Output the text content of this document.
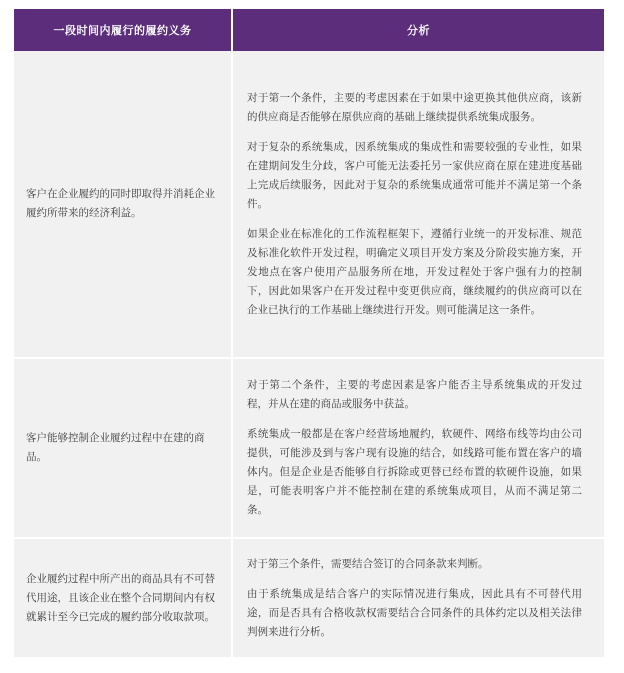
一段时间内履行的履约义务	分析
客户在企业履约的同时即取得并消耗企业履约所带来的经济利益。	对于第一个条件，主要的考虑因素在于如果中途更换其他供应商，该新的供应商是否能够在原供应商的基础上继续提供系统集成服务。

对于复杂的系统集成，因系统集成的集成性和需要较强的专业性，如果在建期间发生分歧，客户可能无法委托另一家供应商在原在建进度基础上完成后续服务，因此对于复杂的系统集成通常可能并不满足第一个条件。

如果企业在标准化的工作流程框架下，遵循行业统一的开发标准、规范及标准化软件开发过程，明确定义项目开发方案及分阶段实施方案，开发地点在客户使用产品服务所在地，开发过程处于客户强有力的控制下，因此如果客户在开发过程中变更供应商，继续履约的供应商可以在企业已执行的工作基础上继续进行开发。则可能满足这一条件。

客户能够控制企业履约过程中在建的商品。	对于第二个条件，主要的考虑因素是客户能否主导系统集成的开发过程，并从在建的商品或服务中获益。

系统集成一般都是在客户经营场地履约，软硬件、网络布线等均由公司提供，可能涉及到与客户现有设施的结合，如线路可能布置在客户的墙体内。但是企业是否能够自行拆除或更替已经布置的软硬件设施，如果是，可能表明客户并不能控制在建的系统集成项目，从而不满足第二条。

企业履约过程中所产出的商品具有不可替代用途，且该企业在整个合同期间内有权就累计至今已完成的履约部分收取款项。	对于第三个条件，需要结合签订的合同条款来判断。

由于系统集成是结合客户的实际情况进行集成，因此具有不可替代用途，而是否具有合格收款权需要结合合同条件的具体约定以及相关法律判例来进行分析。
